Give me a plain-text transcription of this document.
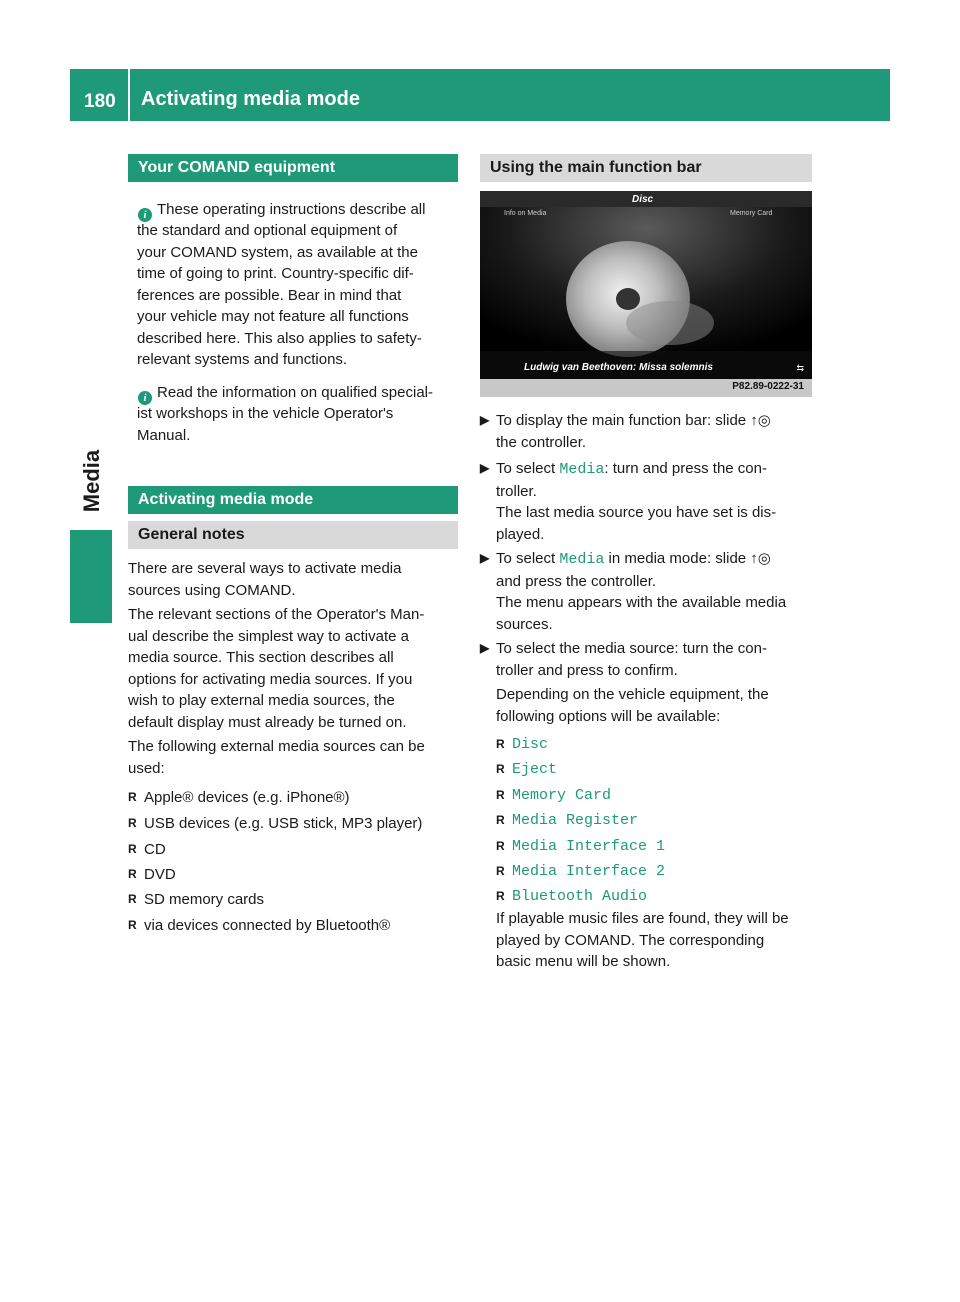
180 Activating media mode
Media
Your COMAND equipment
i These operating instructions describe all
the standard and optional equipment of
your COMAND system, as available at the
time of going to print. Country-specific dif-
ferences are possible. Bear in mind that
your vehicle may not feature all functions
described here. This also applies to safety-
relevant systems and functions.
i Read the information on qualified special-
ist workshops in the vehicle Operator's
Manual.
Activating media mode
General notes
There are several ways to activate media
sources using COMAND.
The relevant sections of the Operator's Man-
ual describe the simplest way to activate a
media source. This section describes all
options for activating media sources. If you
wish to play external media sources, the
default display must already be turned on.
The following external media sources can be
used:
R Apple® devices (e.g. iPhone®)
R USB devices (e.g. USB stick, MP3 player)
R CD
R DVD
R SD memory cards
R via devices connected by Bluetooth®
Using the main function bar
Disc
Info on Media	Memory Card
Ludwig van Beethoven: Missa solemnis	⇆
P82.89-0222-31
▶ To display the main function bar: slide ↑◎
the controller.
▶ To select Media: turn and press the con-
troller.
The last media source you have set is dis-
played.
▶ To select Media in media mode: slide ↑◎
and press the controller.
The menu appears with the available media
sources.
▶ To select the media source: turn the con-
troller and press to confirm.
Depending on the vehicle equipment, the
following options will be available:
R Disc
R Eject
R Memory Card
R Media Register
R Media Interface 1
R Media Interface 2
R Bluetooth Audio
If playable music files are found, they will be
played by COMAND. The corresponding
basic menu will be shown.
